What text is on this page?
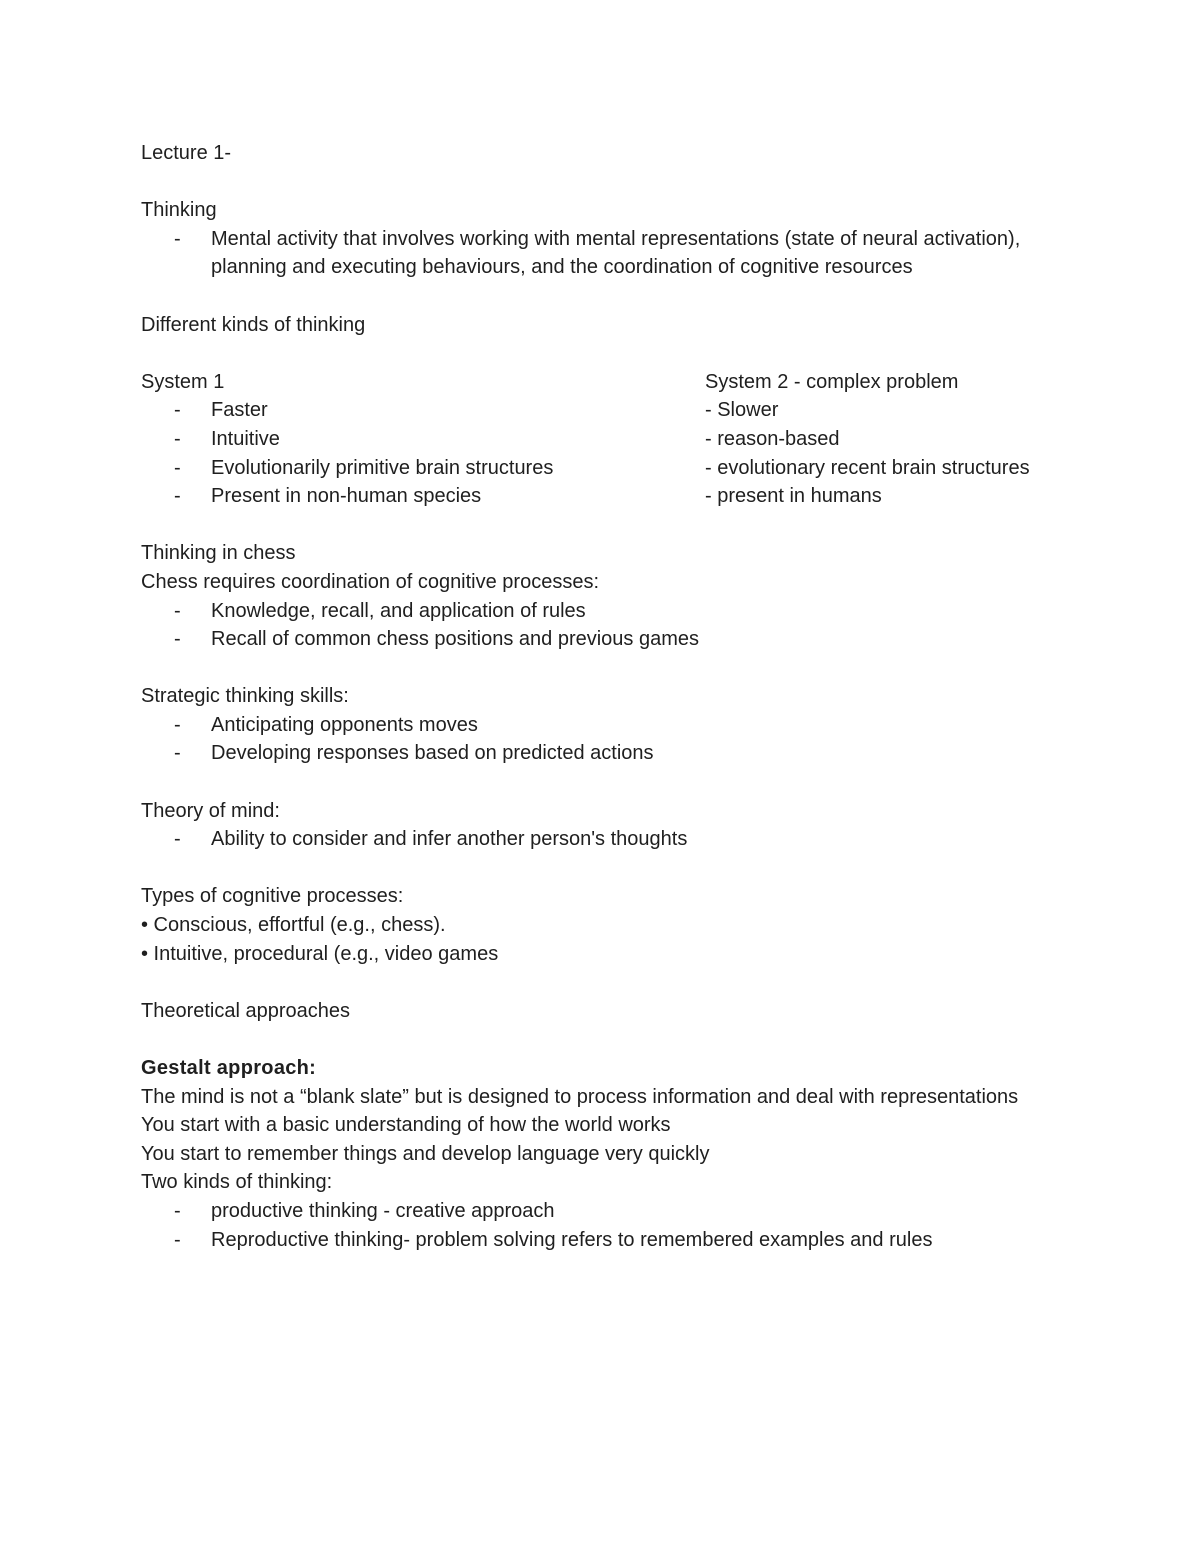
Lecture 1-

Thinking

- Mental activity that involves working with mental representations (state of neural activation), planning and executing behaviours, and the coordination of cognitive resources

Different kinds of thinking

System 1

- Faster
- Intuitive
- Evolutionarily primitive brain structures
- Present in non-human species

System 2 - complex problem

- Slower

- reason-based

- evolutionary recent brain structures

- present in humans

Thinking in chess

Chess requires coordination of cognitive processes:

- Knowledge, recall, and application of rules
- Recall of common chess positions and previous games

Strategic thinking skills:

- Anticipating opponents moves
- Developing responses based on predicted actions

Theory of mind:

- Ability to consider and infer another person's thoughts

Types of cognitive processes:

• Conscious, effortful (e.g., chess).

• Intuitive, procedural (e.g., video games

Theoretical approaches

Gestalt approach:

The mind is not a “blank slate” but is designed to process information and deal with representations

You start with a basic understanding of how the world works

You start to remember things and develop language very quickly

Two kinds of thinking:

- productive thinking - creative approach
- Reproductive thinking- problem solving refers to remembered examples and rules
